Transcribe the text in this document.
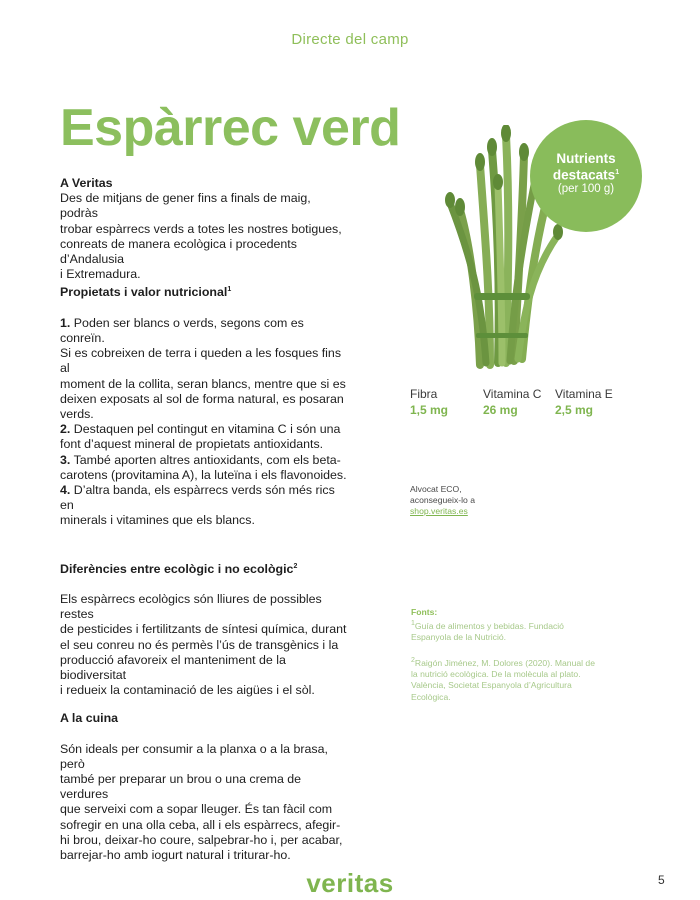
Directe del camp
Espàrrec verd

A Veritas

Des de mitjans de gener fins a finals de maig, podràs

trobar espàrrecs verds a totes les nostres botigues,

conreats de manera ecològica i procedents d’Andalusia

i Extremadura.

Propietats i valor nutricional$^1$

1. Poden ser blancs o verds, segons com es conreïn.

Si es cobreixen de terra i queden a les fosques fins al

moment de la collita, seran blancs, mentre que si es

deixen exposats al sol de forma natural, es posaran

verds.

2. Destaquen pel contingut en vitamina C i són una

font d’aquest mineral de propietats antioxidants.

3. També aporten altres antioxidants, com els beta-

carotens (provitamina A), la luteïna i els flavonoides.

4. D’altra banda, els espàrrecs verds són més rics en

minerals i vitamines que els blancs.

Diferències entre ecològic i no ecològic$^2$

Els espàrrecs ecològics són lliures de possibles restes

de pesticides i fertilitzants de síntesi química, durant

el seu conreu no és permès l’ús de transgènics i la

producció afavoreix el manteniment de la biodiversitat

i redueix la contaminació de les aigües i el sòl.

A la cuina

Són ideals per consumir a la planxa o a la brasa, però

també per preparar un brou o una crema de verdures

que serveixi com a sopar lleuger. És tan fàcil com

sofregir en una olla ceba, all i els espàrrecs, afegir-

hi brou, deixar-ho coure, salpebrar-ho i, per acabar,

barrejar-ho amb iogurt natural i triturar-ho.

Nutrients
destacats$^1$
(per 100 g)
Fibra
1,5 mg
Vitamina C
26 mg
Vitamina E
2,5 mg
Alvocat ECO,
aconsegueix-lo a
shop.veritas.es
Fonts:
$^1$Guía de alimentos y bebidas. Fundació
Espanyola de la Nutrició.
$^2$Raigón Jiménez, M. Dolores (2020). Manual de
la nutrició ecològica. De la molècula al plato.
València, Societat Espanyola d’Agricultura
Ecològica.
veritas	5
